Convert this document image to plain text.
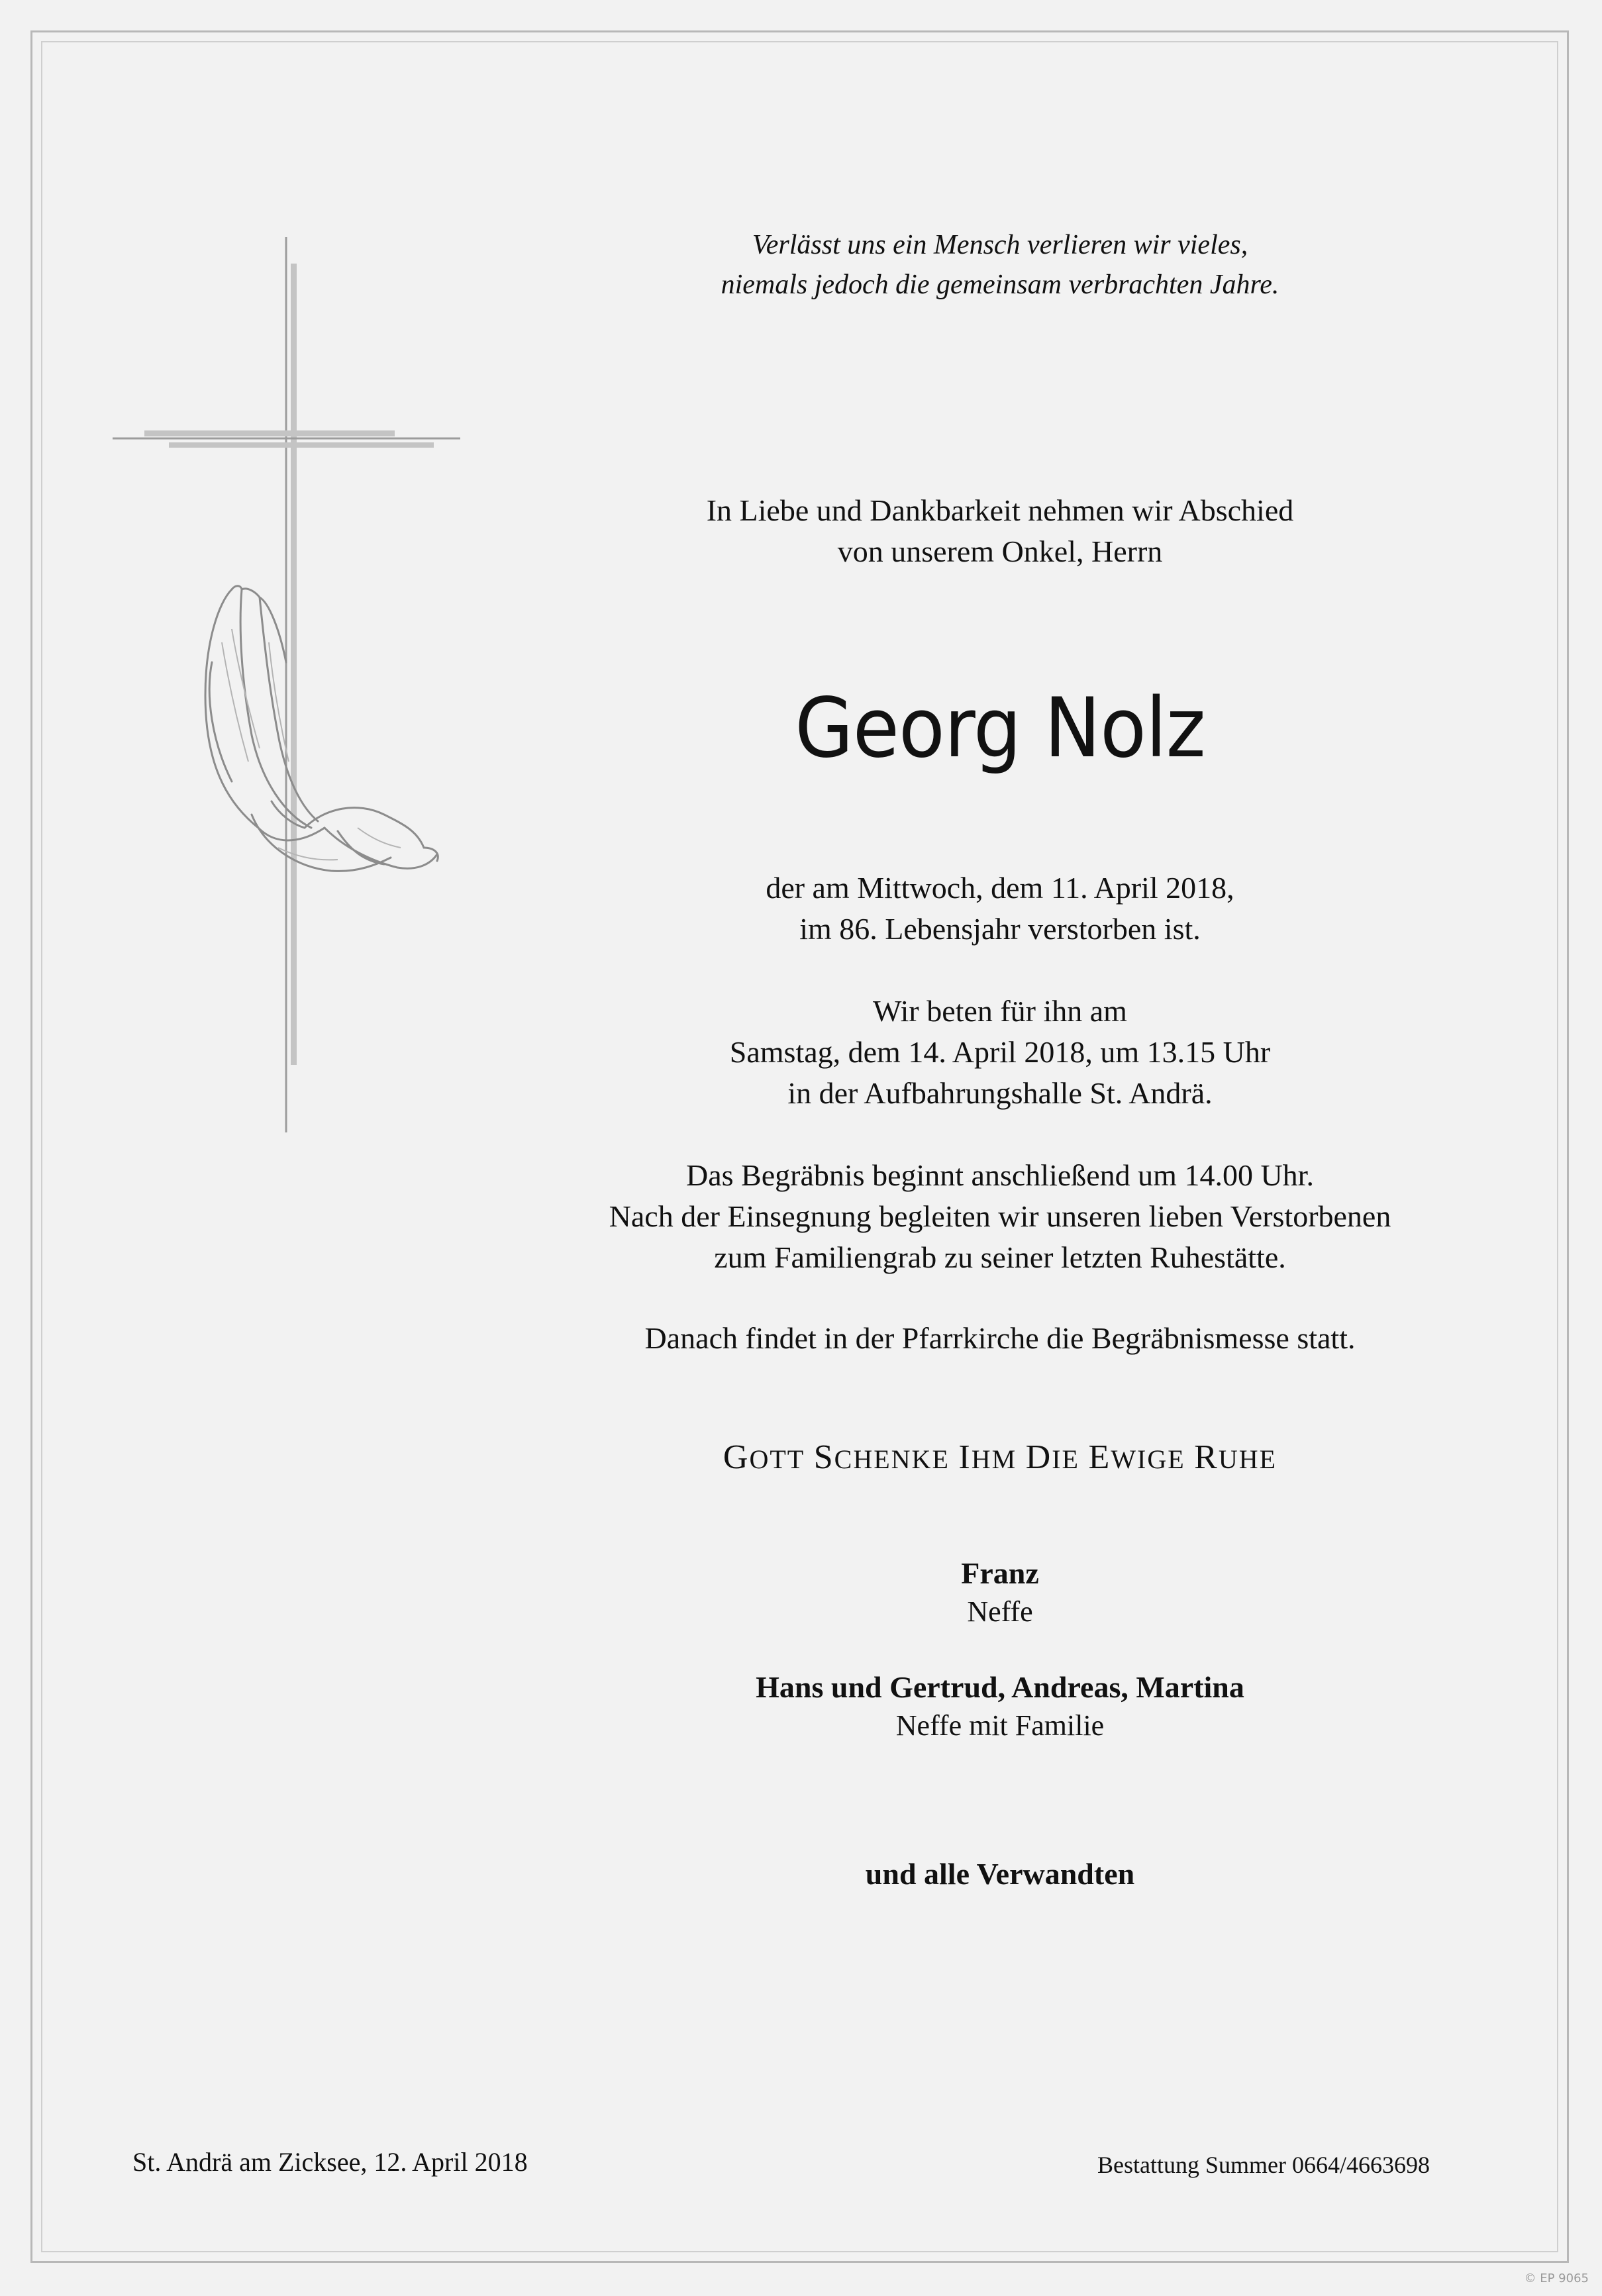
Verlässt uns ein Mensch verlieren wir vieles,
niemals jedoch die gemeinsam verbrachten Jahre.
In Liebe und Dankbarkeit nehmen wir Abschied
von unserem Onkel, Herrn
Georg Nolz
der am Mittwoch, dem 11. April 2018,
im 86. Lebensjahr verstorben ist.
Wir beten für ihn am
Samstag, dem 14. April 2018, um 13.15 Uhr
in der Aufbahrungshalle St. Andrä.
Das Begräbnis beginnt anschließend um 14.00 Uhr.
Nach der Einsegnung begleiten wir unseren lieben Verstorbenen
zum Familiengrab zu seiner letzten Ruhestätte.
Danach findet in der Pfarrkirche die Begräbnismesse statt.
GOTT SCHENKE IHM DIE EWIGE RUHE
Franz
Neffe
Hans und Gertrud, Andreas, Martina
Neffe mit Familie
und alle Verwandten
St. Andrä am Zicksee, 12. April 2018	Bestattung Summer 0664/4663698
© EP 9065
